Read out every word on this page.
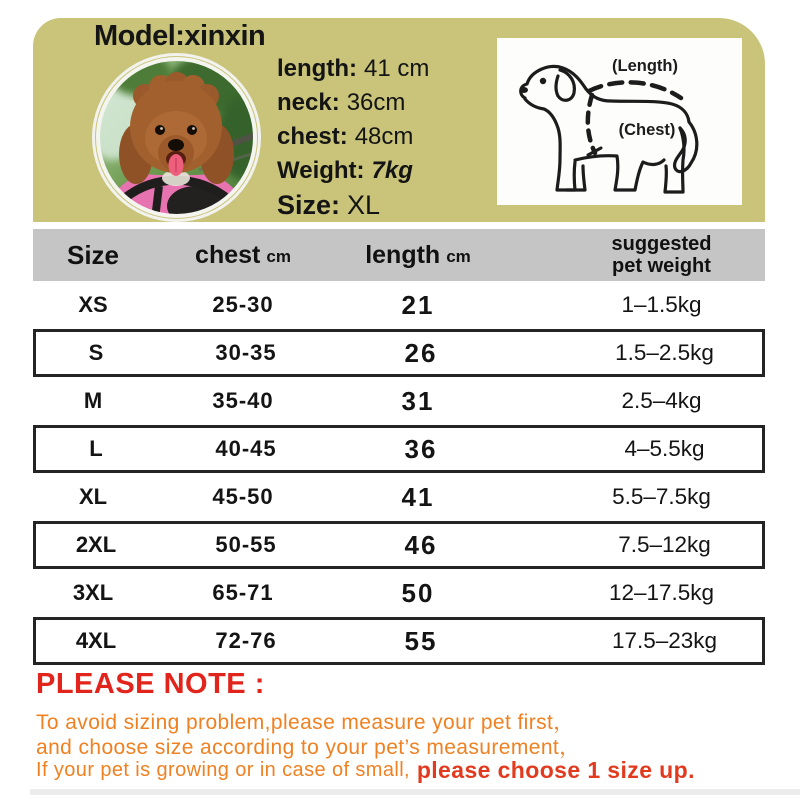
Model:xinxin
length: 41 cm
neck: 36cm
chest: 48cm
Weight: 7kg
Size: XL
(Length)
(Chest)
Size	chest cm	length cm
suggested
pet weight
XS	25-30	21	1–1.5kg
S	30-35	26	1.5–2.5kg
M	35-40	31	2.5–4kg
L	40-45	36	4–5.5kg
XL	45-50	41	5.5–7.5kg
2XL	50-55	46	7.5–12kg
3XL	65-71	50	12–17.5kg
4XL	72-76	55	17.5–23kg
PLEASE NOTE :
To avoid sizing problem,please measure your pet first，
and choose size according to your pet’s measurement，
If your pet is growing or in case of small, please choose 1 size up.
